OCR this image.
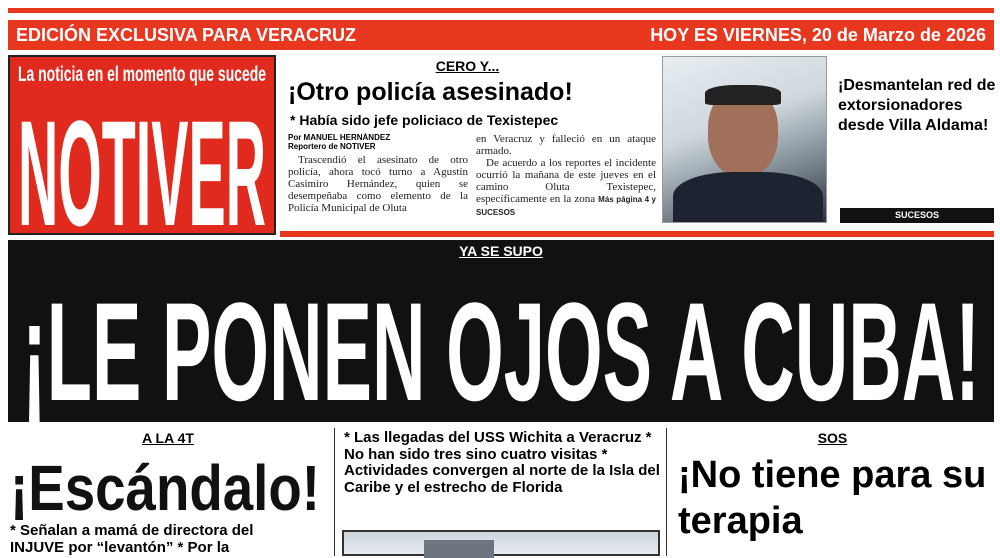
EDICIÓN EXCLUSIVA PARA VERACRUZ	HOY ES VIERNES, 20 de Marzo de 2026
La noticia en el momento que sucede
NOTIVER
CERO Y...
¡Otro policía asesinado!
* Había sido jefe policiaco de Texistepec
Por MANUEL HERNÁNDEZ
Reportero de NOTIVER

Trascendió el asesinato de otro policía, ahora tocó turno a Agustín Casimiro Hernández, quien se desempeñaba como elemento de la Policía Municipal de Oluta

en Veracruz y falleció en un ataque armado.

De acuerdo a los reportes el incidente ocurrió la mañana de este jueves en el camino Oluta Texistepec, específicamente en la zona Más página 4 y SUCESOS

¡Desmantelan red de extorsionadores desde Villa Aldama!
SUCESOS
YA SE SUPO
¡LE PONEN OJOS A CUBA!
A LA 4T
¡Escándalo!
* Señalan a mamá de directora del INJUVE por “levantón” * Por la
* Las llegadas del USS Wichita a Veracruz * No han sido tres sino cuatro visitas * Actividades convergen al norte de la Isla del Caribe y el estrecho de Florida
SOS
¡No tiene para su terapia
